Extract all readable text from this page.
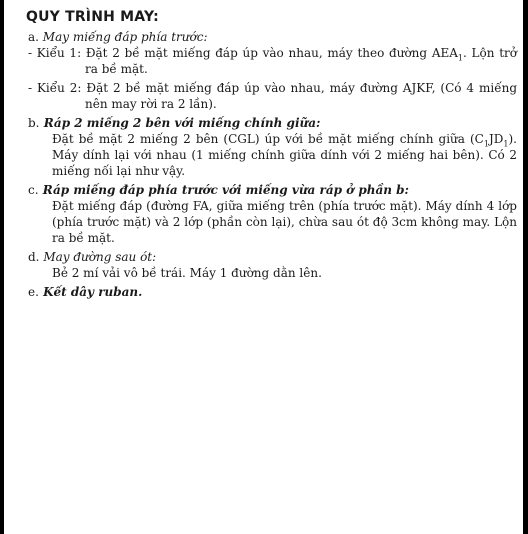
QUY TRÌNH MAY:

a. May miếng đáp phía trước:

- Kiểu 1: Đặt 2 bề mặt miếng đáp úp vào nhau, máy theo đường $AEA_1$. Lộn trở ra bề mặt.

- Kiểu 2: Đặt 2 bề mặt miếng đáp úp vào nhau, máy đường AJKF, (Có 4 miếng nên may rời ra 2 lần).

b. Ráp 2 miếng 2 bên với miếng chính giữa:

Đặt bề mặt 2 miếng 2 bên (CGL) úp với bề mặt miếng chính giữa $(C_1JD_1)$. Máy dính lại với nhau (1 miếng chính giữa dính với 2 miếng hai bên). Có 2 miếng nối lại như vậy.

c. Ráp miếng đáp phía trước với miếng vừa ráp ở phần b:

Đặt miếng đáp (đường FA, giữa miếng trên (phía trước mặt). Máy dính 4 lớp (phía trước mặt) và 2 lớp (phần còn lại), chừa sau ót độ 3cm không may. Lộn ra bề mặt.

d. May đường sau ót:

Bẻ 2 mí vải vô bề trái. Máy 1 đường dằn lên.

e. Kết dây ruban.
